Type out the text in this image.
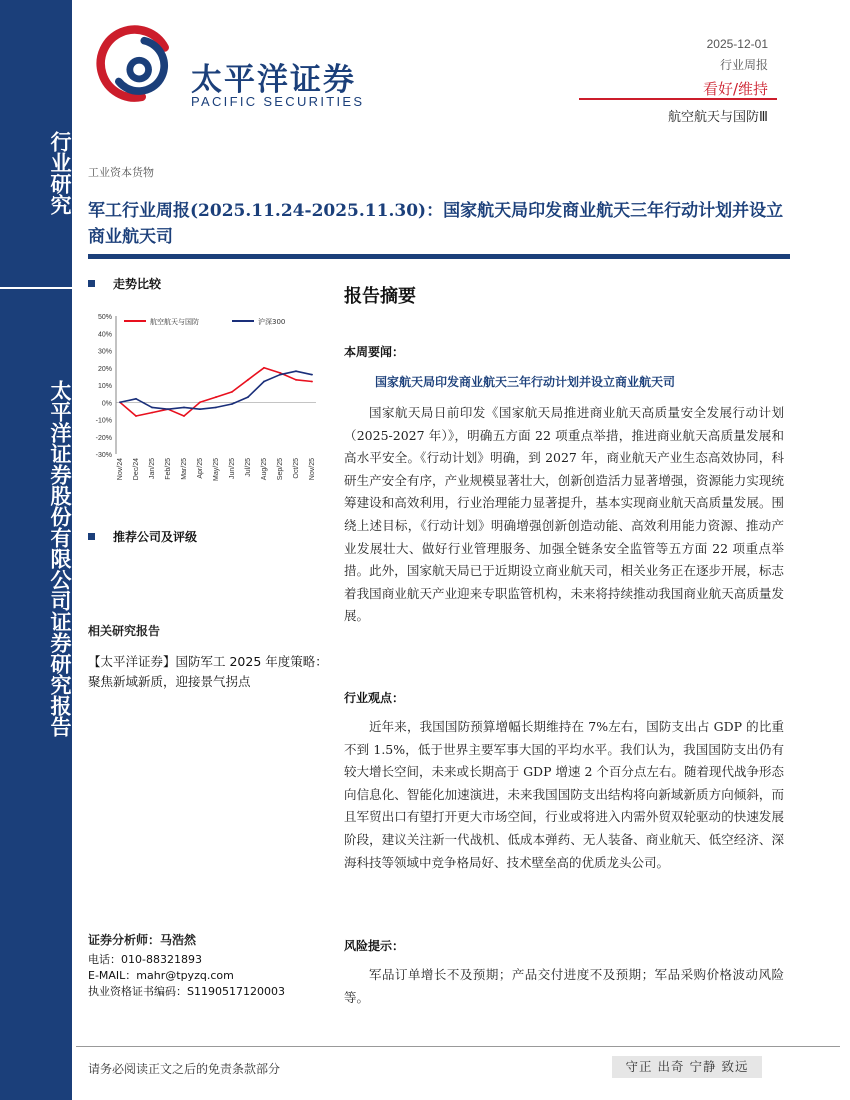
行业研究
太平洋证券股份有限公司证券研究报告
太平洋证券
PACIFIC SECURITIES
2025-12-01
行业周报
看好/维持
航空航天与国防Ⅲ
工业资本货物
军工行业周报(2025.11.24-2025.11.30)：国家航天局印发商业航天三年行动计划并设立商业航天司
走势比较
50%
40%
30%
20%
10%
0%
-10%
-20%
-30%
Nov/24 Dec/24 Jan/25 Feb/25 Mar/25 Apr/25 May/25 Jun/25 Jul/25 Aug/25 Sep/25 Oct/25 Nov/25
航空航天与国防	沪深300
推荐公司及评级
相关研究报告
【太平洋证券】国防军工 2025 年度策略：聚焦新域新质，迎接景气拐点
证券分析师：马浩然
电话：010-88321893
E-MAIL：mahr@tpyzq.com
执业资格证书编码：S1190517120003
报告摘要
本周要闻：
国家航天局印发商业航天三年行动计划并设立商业航天司

国家航天局日前印发《国家航天局推进商业航天高质量安全发展行动计划（2025-2027 年）》，明确五方面 22 项重点举措，推进商业航天高质量发展和高水平安全。《行动计划》明确，到 2027 年，商业航天产业生态高效协同，科研生产安全有序，产业规模显著壮大，创新创造活力显著增强，资源能力实现统筹建设和高效利用，行业治理能力显著提升，基本实现商业航天高质量发展。围绕上述目标，《行动计划》明确增强创新创造动能、高效利用能力资源、推动产业发展壮大、做好行业管理服务、加强全链条安全监管等五方面 22 项重点举措。此外，国家航天局已于近期设立商业航天司，相关业务正在逐步开展，标志着我国商业航天产业迎来专职监管机构，未来将持续推动我国商业航天高质量发展。

行业观点：

近年来，我国国防预算增幅长期维持在 7%左右，国防支出占 GDP 的比重不到 1.5%，低于世界主要军事大国的平均水平。我们认为，我国国防支出仍有较大增长空间，未来或长期高于 GDP 增速 2 个百分点左右。随着现代战争形态向信息化、智能化加速演进，未来我国国防支出结构将向新域新质方向倾斜，而且军贸出口有望打开更大市场空间，行业或将进入内需外贸双轮驱动的快速发展阶段，建议关注新一代战机、低成本弹药、无人装备、商业航天、低空经济、深海科技等领域中竞争格局好、技术壁垒高的优质龙头公司。

风险提示：

军品订单增长不及预期；产品交付进度不及预期；军品采购价格波动风险等。

请务必阅读正文之后的免责条款部分	守正 出奇 宁静 致远
